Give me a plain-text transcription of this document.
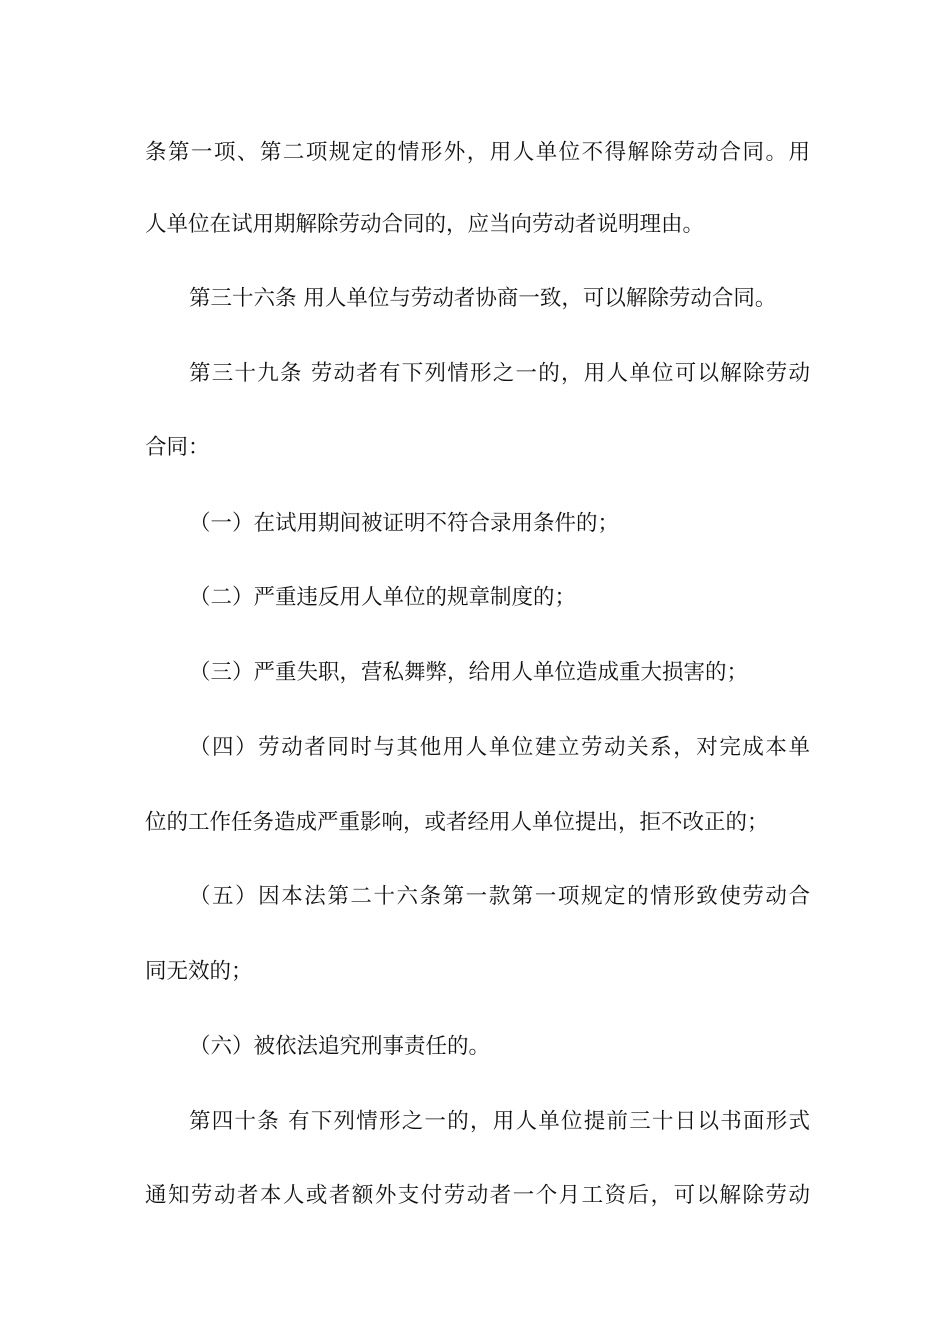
条第一项、第二项规定的情形外，用人单位不得解除劳动合同。用
人单位在试用期解除劳动合同的，应当向劳动者说明理由。
第三十六条 用人单位与劳动者协商一致，可以解除劳动合同。
第三十九条 劳动者有下列情形之一的，用人单位可以解除劳动
合同：
（一）在试用期间被证明不符合录用条件的；
（二）严重违反用人单位的规章制度的；
（三）严重失职，营私舞弊，给用人单位造成重大损害的；
（四）劳动者同时与其他用人单位建立劳动关系，对完成本单
位的工作任务造成严重影响，或者经用人单位提出，拒不改正的；
（五）因本法第二十六条第一款第一项规定的情形致使劳动合
同无效的；
（六）被依法追究刑事责任的。
第四十条 有下列情形之一的，用人单位提前三十日以书面形式
通知劳动者本人或者额外支付劳动者一个月工资后，可以解除劳动
